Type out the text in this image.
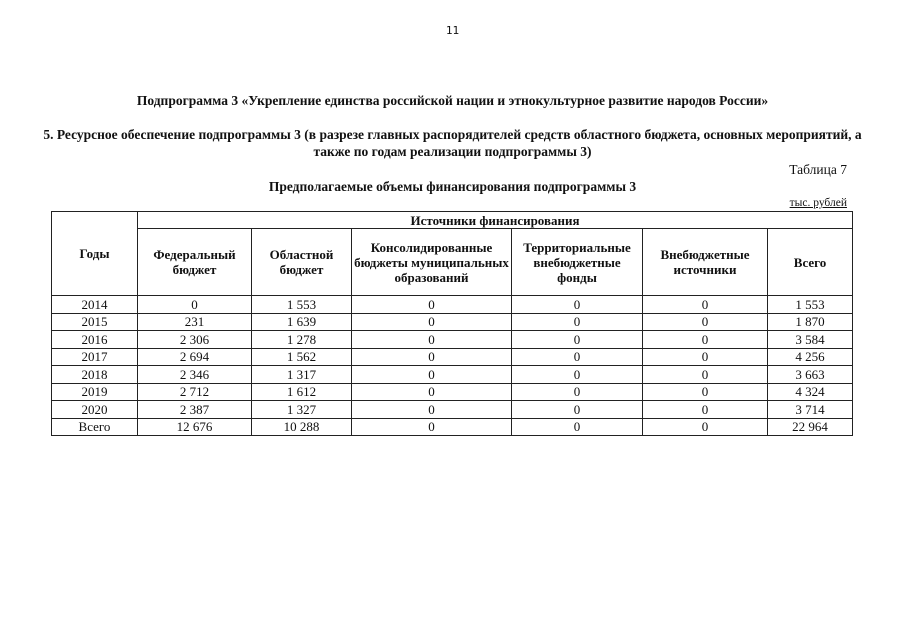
11
Подпрограмма 3 «Укрепление единства российской нации и этнокультурное развитие народов России»
5. Ресурсное обеспечение подпрограммы 3 (в разрезе главных распорядителей средств областного бюджета, основных мероприятий, а также по годам реализации подпрограммы 3)
Таблица 7
Предполагаемые объемы финансирования подпрограммы 3
тыс. рублей
Годы	Источники финансирования					
	Федеральный бюджет	Областной бюджет	Консолидированные бюджеты муниципальных образований	Территориальные внебюджетные фонды	Внебюджетные источники	Всего
2014	0	1 553	0	0	0	1 553
2015	231	1 639	0	0	0	1 870
2016	2 306	1 278	0	0	0	3 584
2017	2 694	1 562	0	0	0	4 256
2018	2 346	1 317	0	0	0	3 663
2019	2 712	1 612	0	0	0	4 324
2020	2 387	1 327	0	0	0	3 714
Всего	12 676	10 288	0	0	0	22 964
